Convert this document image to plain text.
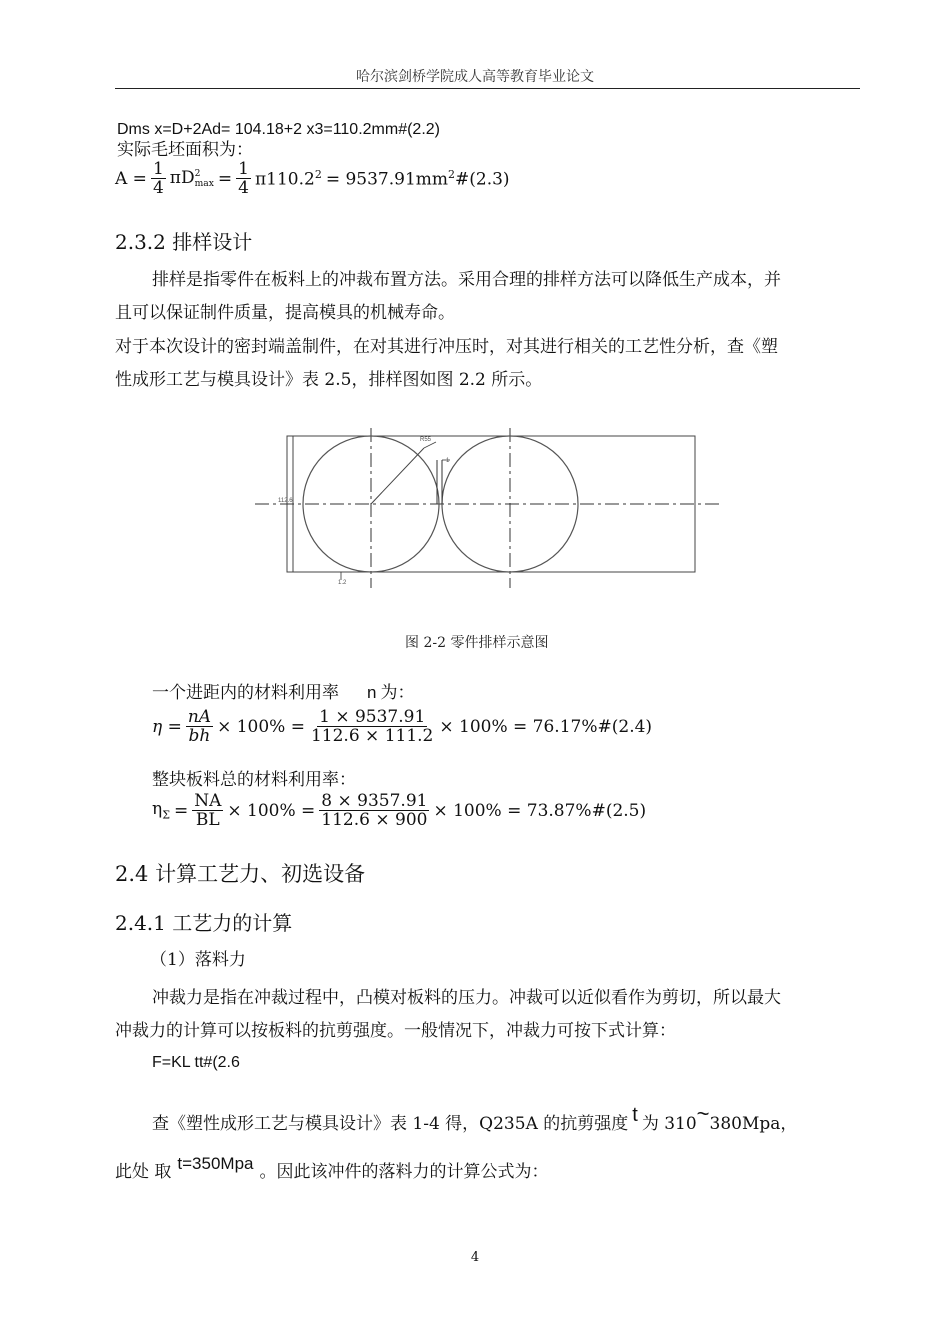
哈尔滨剑桥学院成人高等教育毕业论文
Dms x=D+2Ad= 104.18+2 x3=110.2mm#(2.2)
实际毛坯面积为：
$A = \frac{1}{4}$ πD 2
$\max = \frac{1}{4} \pi 110.2^2$ = $9537.91mm^2\#(2.3)$
2.3.2 排样设计
排样是指零件在板料上的冲裁布置方法。采用合理的排样方法可以降低生产成本，并
且可以保证制件质量，提高模具的机械寿命。
对于本次设计的密封端盖制件，在对其进行冲压时，对其进行相关的工艺性分析，查《塑
性成形工艺与模具设计》表 2.5，排样图如图 2.2 所示。
R55
1
112.6
1.2
图 2-2 零件排样示意图
一个进距内的材料利用率 n 为：
$\eta = \frac{nA}{bh} \times 100\% = \frac{1 \times 9537.91}{112.6 \times 111.2} \times 100\%$ = 76.17%#(2.4)
整块板料总的材料利用率：
$\eta_\Sigma = \frac{NA}{BL} \times 100\% = \frac{8 \times 9357.91}{112.6 \times 900} \times 100\%$ = 73.87%#(2.5)
2.4 计算工艺力、初选设备
2.4.1 工艺力的计算
（1）落料力
冲裁力是指在冲裁过程中，凸模对板料的压力。冲裁可以近似看作为剪切，所以最大
冲裁力的计算可以按板料的抗剪强度。一般情况下，冲裁力可按下式计算：
F=KL tt#(2.6
查《塑性成形工艺与模具设计》表 1-4 得，Q235A 的抗剪强度 t 为 310~380Mpa，
此处 取 t=350Mpa 。因此该冲件的落料力的计算公式为：
4
